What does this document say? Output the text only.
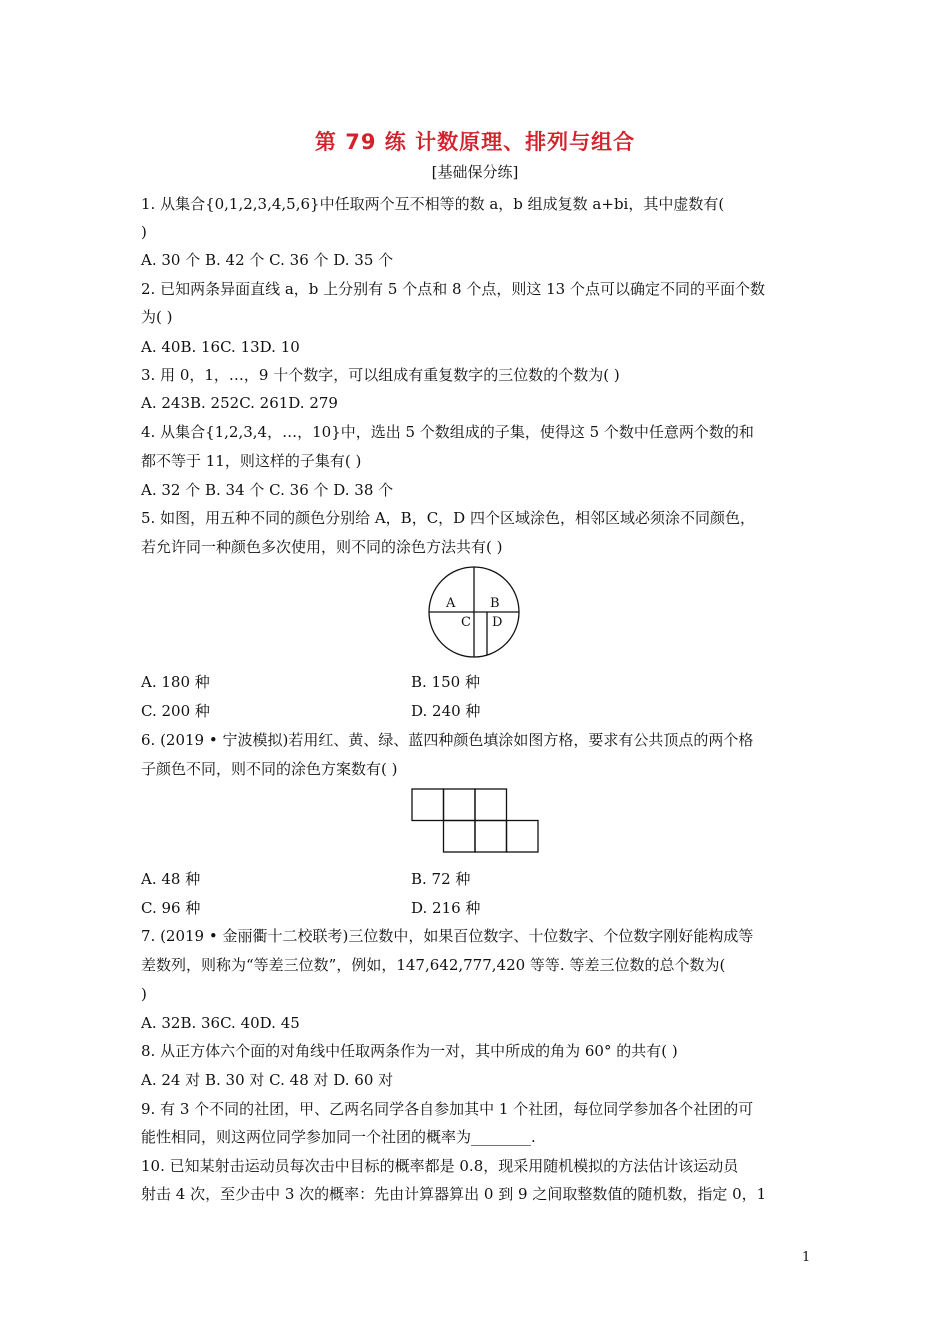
第 79 练 计数原理、排列与组合
[基础保分练]
1. 从集合{0,1,2,3,4,5,6}中任取两个互不相等的数 a，b 组成复数 a+bi，其中虚数有(
)
A. 30 个 B. 42 个 C. 36 个 D. 35 个
2. 已知两条异面直线 a，b 上分别有 5 个点和 8 个点，则这 13 个点可以确定不同的平面个数
为( )
A. 40B. 16C. 13D. 10
3. 用 0，1，…，9 十个数字，可以组成有重复数字的三位数的个数为( )
A. 243B. 252C. 261D. 279
4. 从集合{1,2,3,4，…，10}中，选出 5 个数组成的子集，使得这 5 个数中任意两个数的和
都不等于 11，则这样的子集有( )
A. 32 个 B. 34 个 C. 36 个 D. 38 个
5. 如图，用五种不同的颜色分别给 A，B，C，D 四个区域涂色，相邻区域必须涂不同颜色，
若允许同一种颜色多次使用，则不同的涂色方法共有( )
A	B
C D
A. 180 种	B. 150 种
C. 200 种	D. 240 种
6. (2019 • 宁波模拟)若用红、黄、绿、蓝四种颜色填涂如图方格，要求有公共顶点的两个格
子颜色不同，则不同的涂色方案数有( )
A. 48 种	B. 72 种
C. 96 种	D. 216 种
7. (2019 • 金丽衢十二校联考)三位数中，如果百位数字、十位数字、个位数字刚好能构成等
差数列，则称为“等差三位数”，例如，147,642,777,420 等等. 等差三位数的总个数为(
)
A. 32B. 36C. 40D. 45
8. 从正方体六个面的对角线中任取两条作为一对，其中所成的角为 60° 的共有( )
A. 24 对 B. 30 对 C. 48 对 D. 60 对
9. 有 3 个不同的社团，甲、乙两名同学各自参加其中 1 个社团，每位同学参加各个社团的可
能性相同，则这两位同学参加同一个社团的概率为________.
10. 已知某射击运动员每次击中目标的概率都是 0.8，现采用随机模拟的方法估计该运动员
射击 4 次，至少击中 3 次的概率：先由计算器算出 0 到 9 之间取整数值的随机数，指定 0，1
1
